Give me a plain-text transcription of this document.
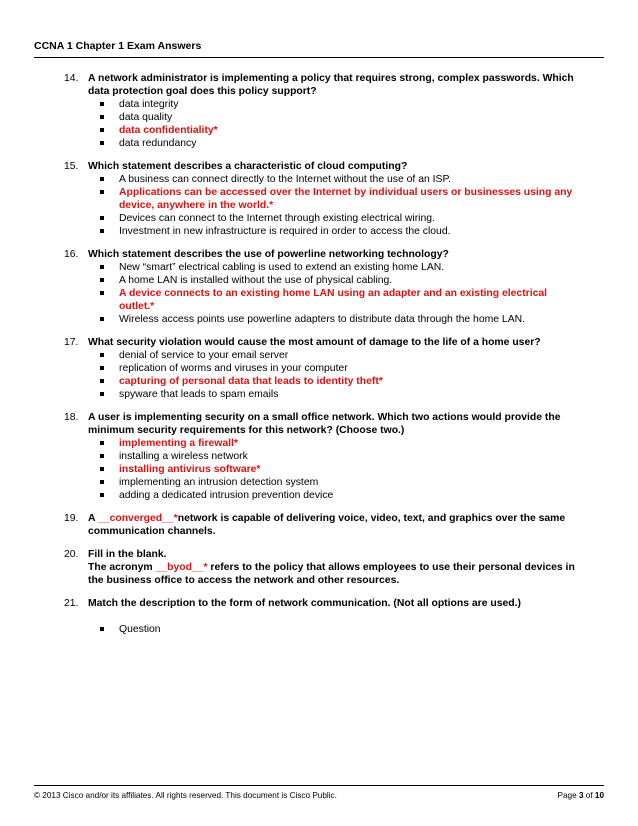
CCNA 1 Chapter 1 Exam Answers
14. A network administrator is implementing a policy that requires strong, complex passwords. Which data protection goal does this policy support?
data integrity
data quality
data confidentiality*
data redundancy
15. Which statement describes a characteristic of cloud computing?
A business can connect directly to the Internet without the use of an ISP.
Applications can be accessed over the Internet by individual users or businesses using any device, anywhere in the world.*
Devices can connect to the Internet through existing electrical wiring.
Investment in new infrastructure is required in order to access the cloud.
16. Which statement describes the use of powerline networking technology?
New “smart” electrical cabling is used to extend an existing home LAN.
A home LAN is installed without the use of physical cabling.
A device connects to an existing home LAN using an adapter and an existing electrical outlet.*
Wireless access points use powerline adapters to distribute data through the home LAN.
17. What security violation would cause the most amount of damage to the life of a home user?
denial of service to your email server
replication of worms and viruses in your computer
capturing of personal data that leads to identity theft*
spyware that leads to spam emails
18. A user is implementing security on a small office network. Which two actions would provide the minimum security requirements for this network? (Choose two.)
implementing a firewall*
installing a wireless network
installing antivirus software*
implementing an intrusion detection system
adding a dedicated intrusion prevention device
19. A __converged__*network is capable of delivering voice, video, text, and graphics over the same communication channels.
20. Fill in the blank.
The acronym __byod__* refers to the policy that allows employees to use their personal devices in the business office to access the network and other resources.
21. Match the description to the form of network communication. (Not all options are used.)
Question
© 2013 Cisco and/or its affiliates. All rights reserved. This document is Cisco Public.	Page 3 of 10
